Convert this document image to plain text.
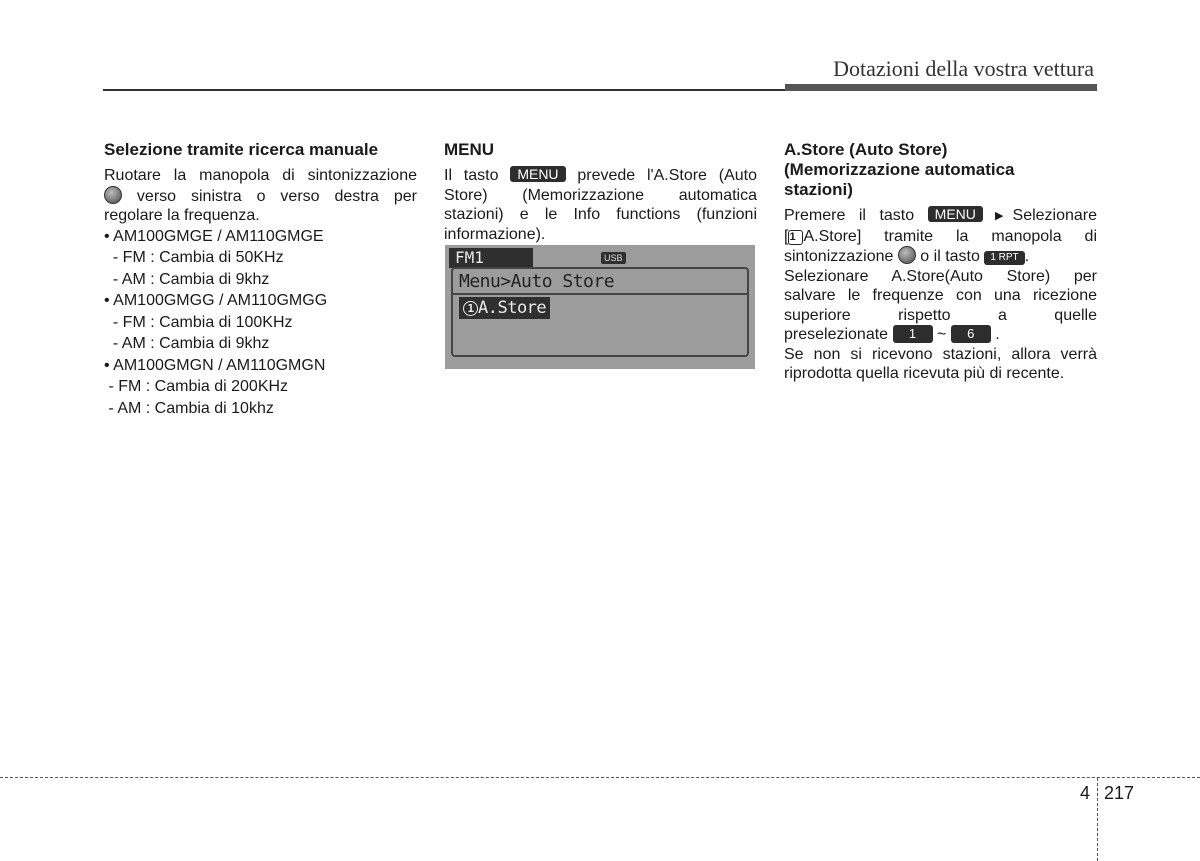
Dotazioni della vostra vettura
Selezione tramite ricerca manuale

Ruotare la manopola di sintonizzazione

verso sinistra o verso destra per

regolare la frequenza.

• AM100GMGE / AM110GMGE
- FM : Cambia di 50KHz
- AM : Cambia di 9khz
• AM100GMGG / AM110GMGG
- FM : Cambia di 100KHz
- AM : Cambia di 9khz
• AM100GMGN / AM110GMGN
- FM : Cambia di 200KHz
- AM : Cambia di 10khz
MENU

Il tasto MENU prevede l'A.Store (Auto

Store) (Memorizzazione automatica

stazioni) e le Info functions (funzioni

informazione).

FM1	USB
Menu>Auto Store
1 A.Store
A.Store (Auto Store)
(Memorizzazione automatica
stazioni)

Premere il tasto MENU ▶Selezionare

[1 A.Store] tramite la manopola di

sintonizzazione  o il tasto 1 RPT .

Selezionare A.Store(Auto Store) per

salvare le frequenze con una ricezione

superiore rispetto a quelle

preselezionate 1 ~ 6 .

Se non si ricevono stazioni, allora verrà

riprodotta quella ricevuta più di recente.

4 217
